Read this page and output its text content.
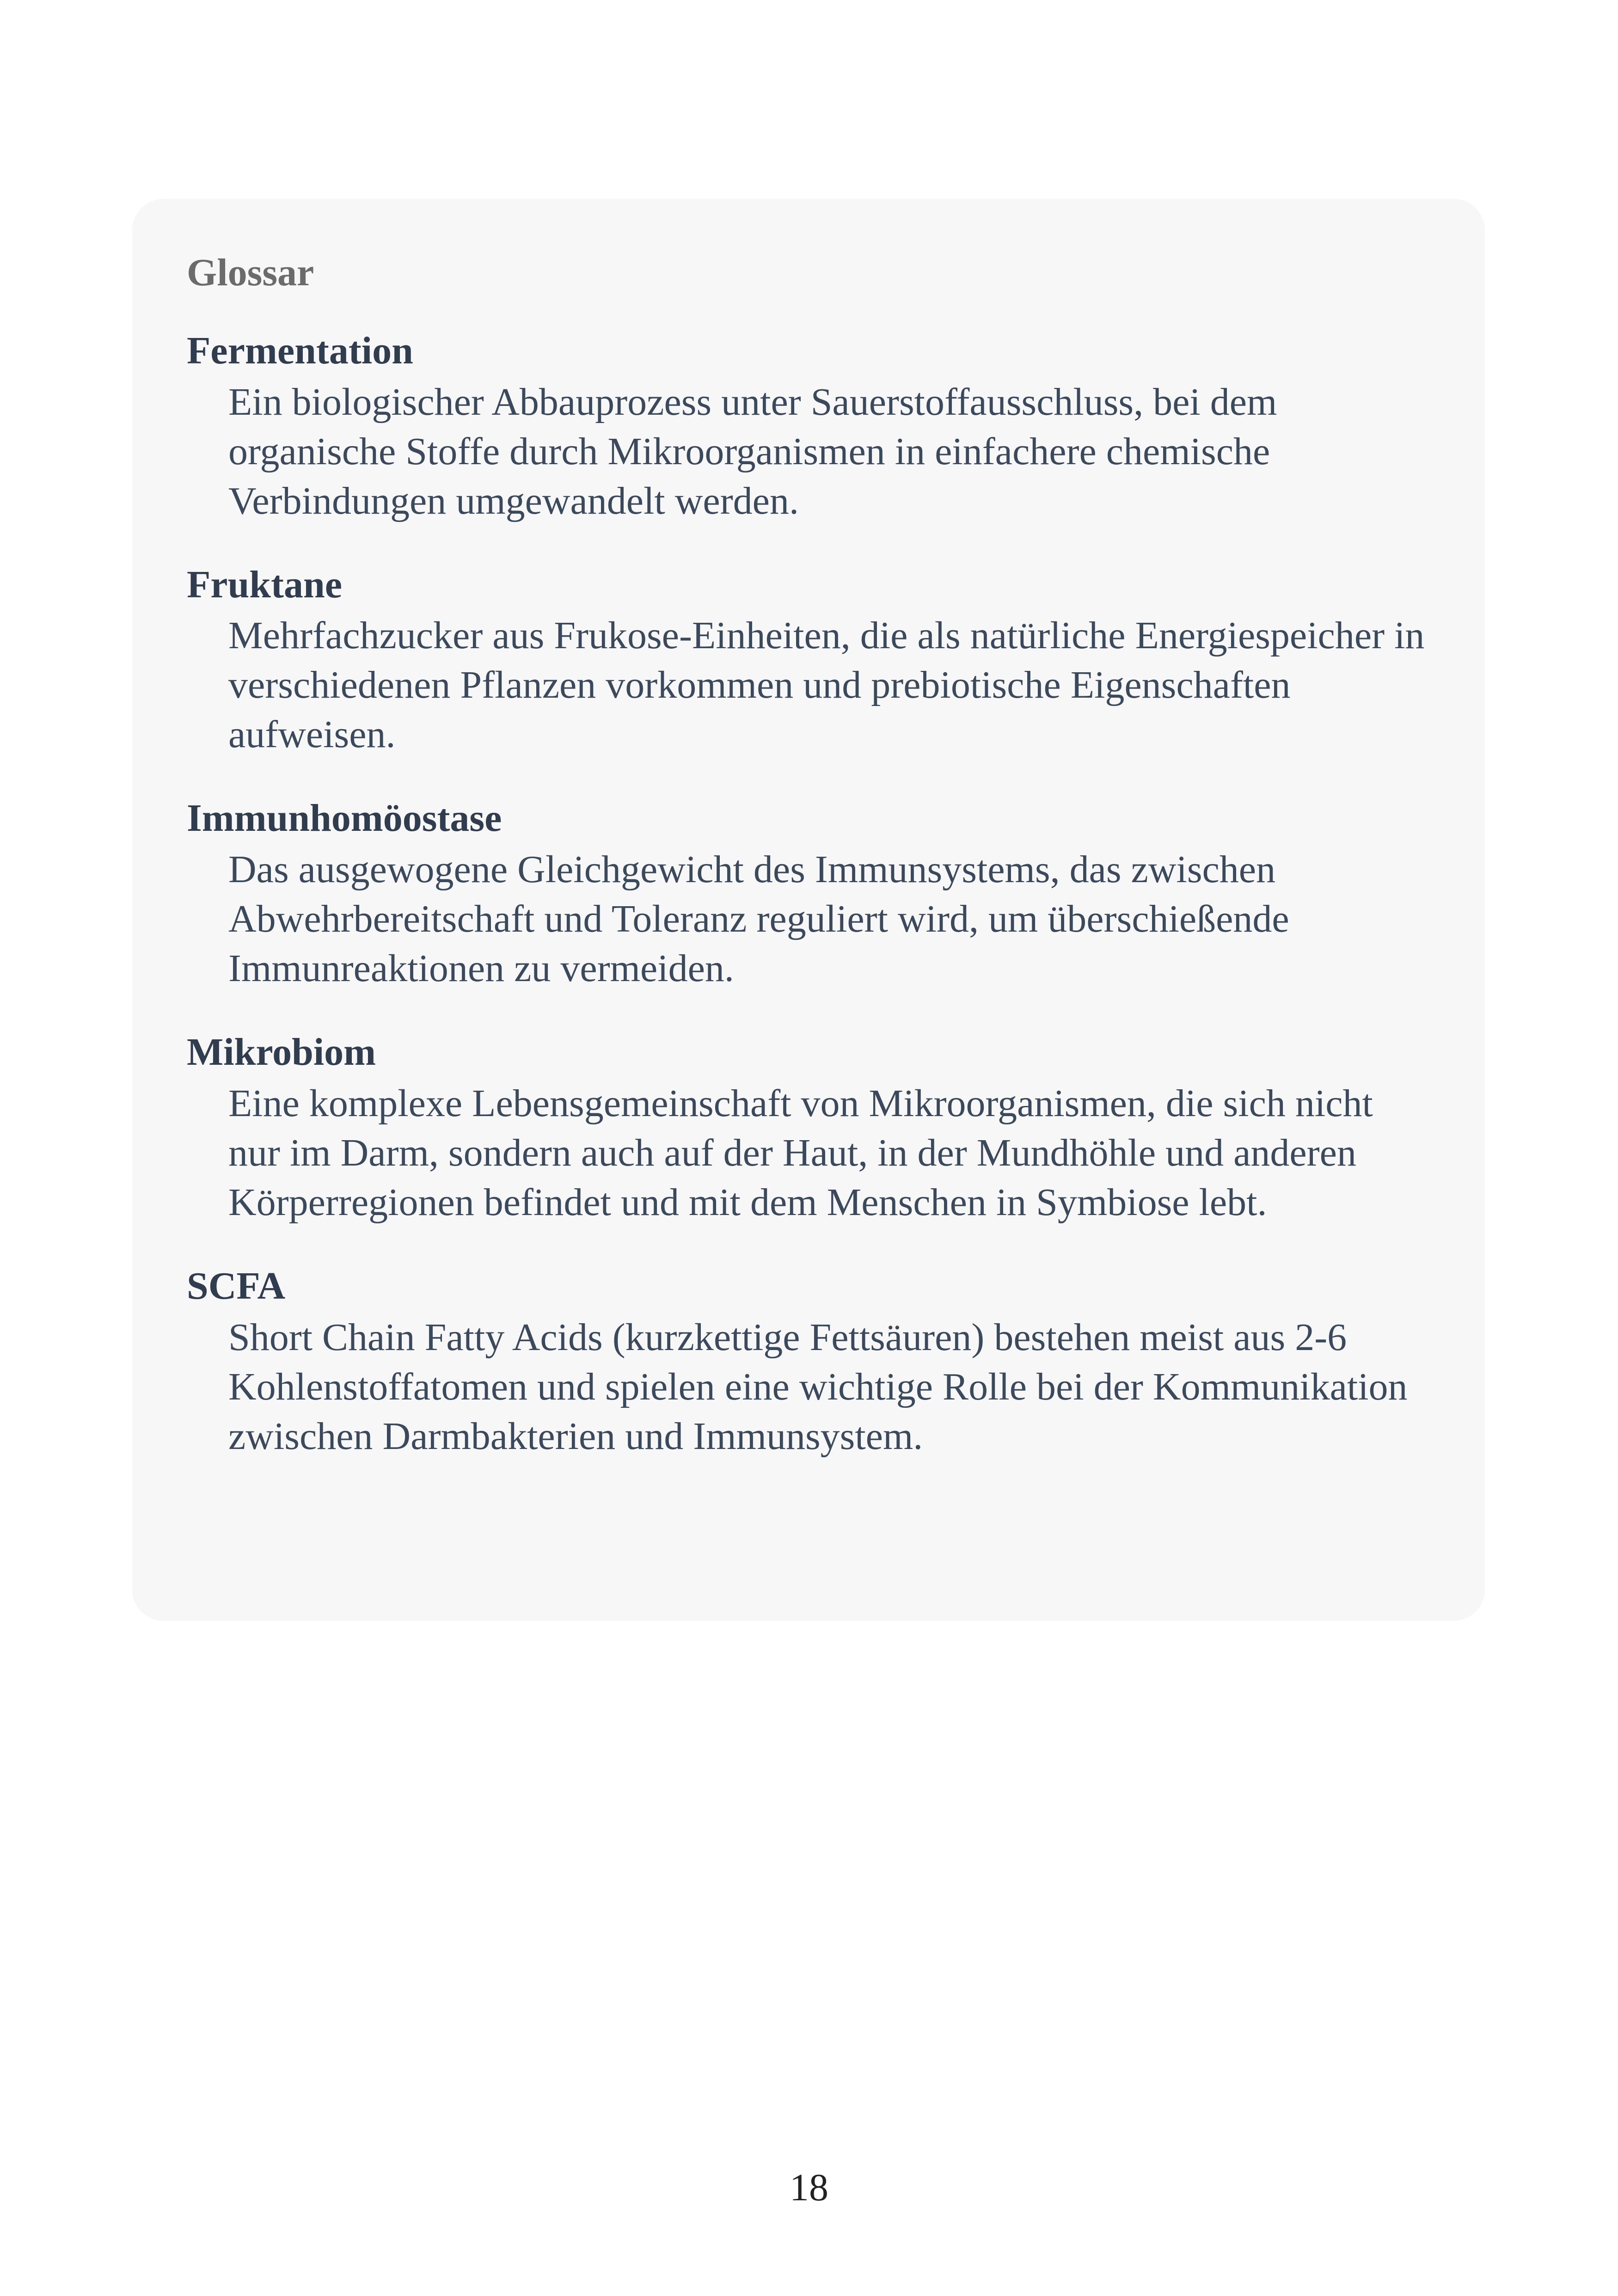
Glossar
Fermentation
Ein biologischer Abbauprozess unter Sauerstoffausschluss, bei dem organische Stoffe durch Mikroorganismen in einfachere chemische Verbindungen umgewandelt werden.
Fruktane
Mehrfachzucker aus Frukose-Einheiten, die als natürliche Energiespeicher in verschiedenen Pflanzen vorkommen und prebiotische Eigenschaften aufweisen.
Immunhomöostase
Das ausgewogene Gleichgewicht des Immunsystems, das zwischen Abwehrbereitschaft und Toleranz reguliert wird, um überschießende Immunreaktionen zu vermeiden.
Mikrobiom
Eine komplexe Lebensgemeinschaft von Mikroorganismen, die sich nicht nur im Darm, sondern auch auf der Haut, in der Mundhöhle und anderen Körperregionen befindet und mit dem Menschen in Symbiose lebt.
SCFA
Short Chain Fatty Acids (kurzkettige Fettsäuren) bestehen meist aus 2-6 Kohlenstoffatomen und spielen eine wichtige Rolle bei der Kommunikation zwischen Darmbakterien und Immunsystem.
18
